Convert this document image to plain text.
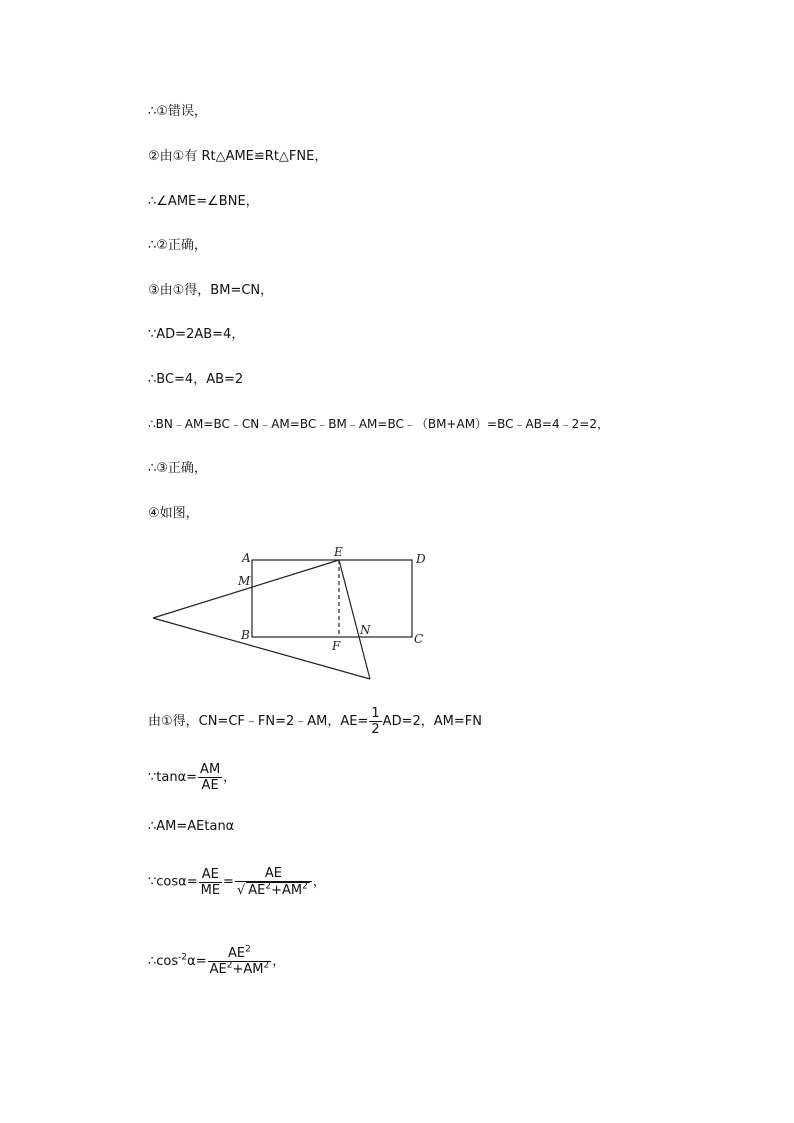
∴①错误，
②由①有 Rt△AME≌Rt△FNE，
∴∠AME=∠BNE，
∴②正确，
③由①得，BM=CN，
∵AD=2AB=4，
∴BC=4，AB=2
∴BN﹣AM=BC﹣CN﹣AM=BC﹣BM﹣AM=BC﹣（BM+AM）=BC﹣AB=4﹣2=2，
∴③正确，
④如图，
A	E	D
M
B	N
C
F
由①得，CN=CF﹣FN=2﹣AM，$AE= \frac{1}{2} AD=2$，AM=FN
∵tanα= $\frac{AM}{AE}$ ，
∴AM=AEtanα
∵cosα= $\frac{AE}{ME} = \frac{AE}{√ AE^2+AM^2}$ ，
$\therefore\cos^{-2}\alpha= \frac{AE^2}{AE^2+AM^2}$ ，
